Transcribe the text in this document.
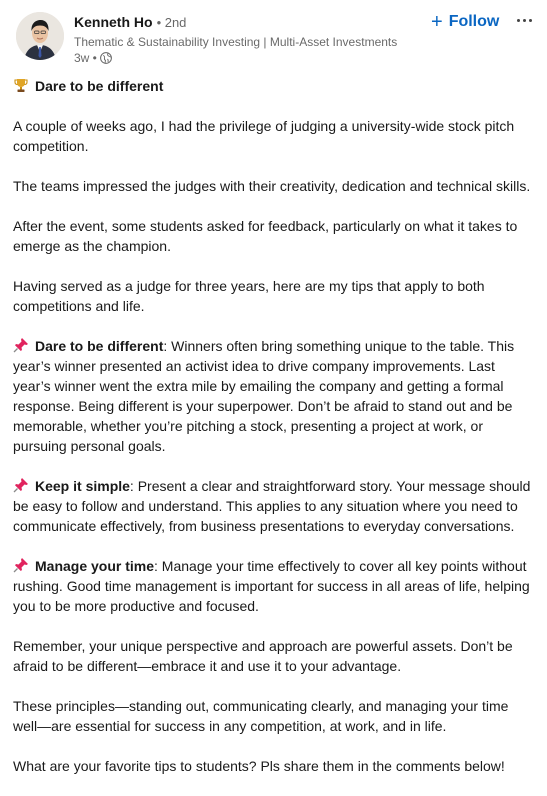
Kenneth Ho • 2nd
Thematic & Sustainability Investing | Multi-Asset Investments
3w •
+ Follow

Dare to be different

A couple of weeks ago, I had the privilege of judging a university-wide stock pitch competition.

The teams impressed the judges with their creativity, dedication and technical skills.

After the event, some students asked for feedback, particularly on what it takes to emerge as the champion.

Having served as a judge for three years, here are my tips that apply to both competitions and life.

Dare to be different: Winners often bring something unique to the table. This year’s winner presented an activist idea to drive company improvements. Last year’s winner went the extra mile by emailing the company and getting a formal response. Being different is your superpower. Don’t be afraid to stand out and be memorable, whether you’re pitching a stock, presenting a project at work, or pursuing personal goals.

Keep it simple: Present a clear and straightforward story. Your message should be easy to follow and understand. This applies to any situation where you need to communicate effectively, from business presentations to everyday conversations.

Manage your time: Manage your time effectively to cover all key points without rushing. Good time management is important for success in all areas of life, helping you to be more productive and focused.

Remember, your unique perspective and approach are powerful assets. Don’t be afraid to be different—embrace it and use it to your advantage.

These principles—standing out, communicating clearly, and managing your time well—are essential for success in any competition, at work, and in life.

What are your favorite tips to students? Pls share them in the comments below!
